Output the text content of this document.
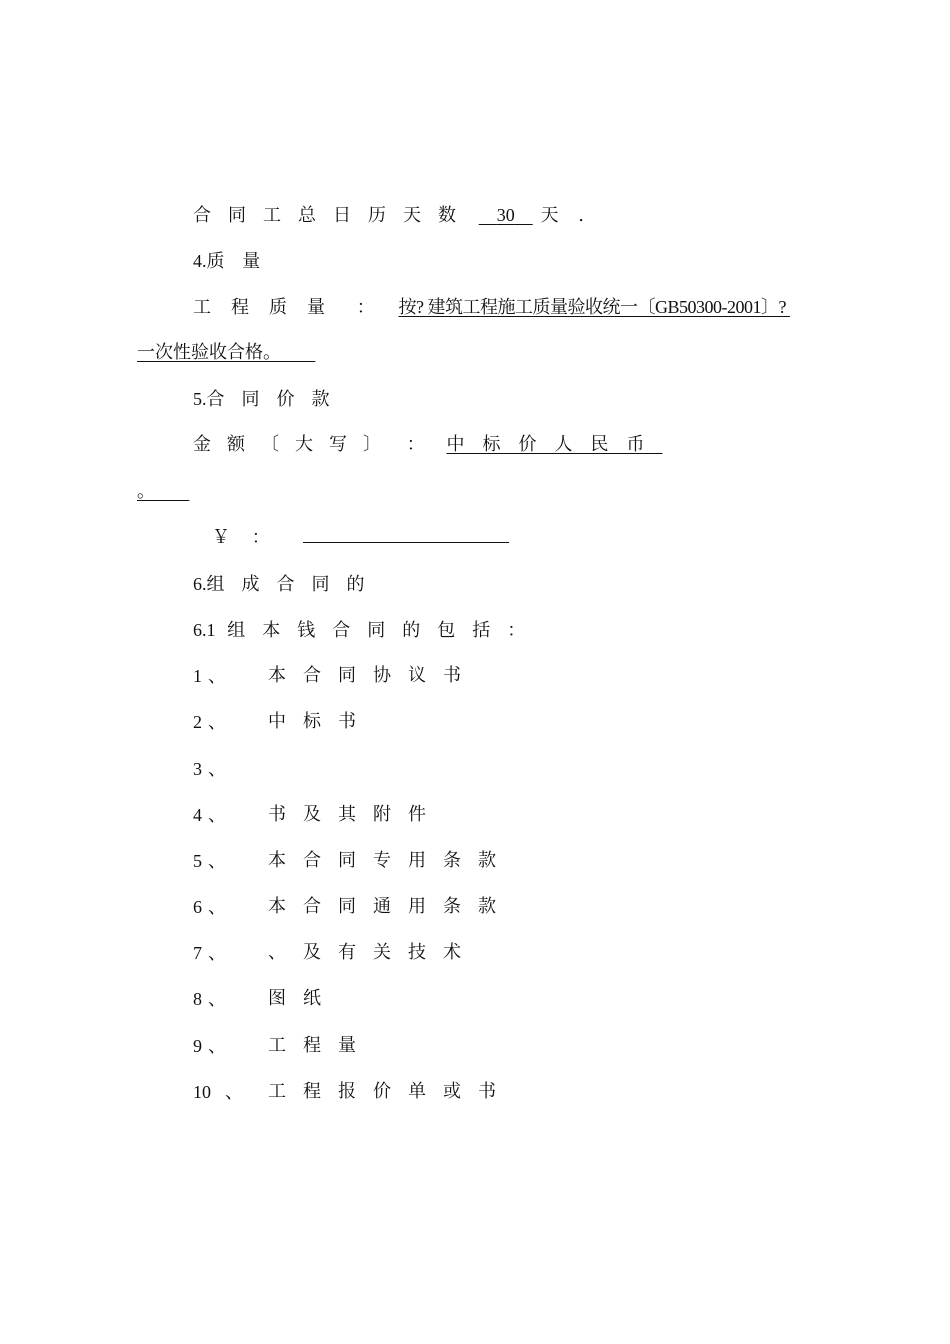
合同工总日历天数 30 天 .
4.质 量
工程质量 ： 按? 建筑工程施工质量验收统一〔GB50300-2001〕?
一次性验收合格。
5.合同价款
金额〔大写〕 ： 中标价人民币
。
￥ ：
6.组成合同的
6.1 组本钱合同的包括：
1 、 本合同协议书
2 、 中标书
3 、
4 、 书及其附件
5 、 本合同专用条款
6 、 本合同通用条款
7 、 、及有关技术
8 、 图纸
9 、 工程量
10 、 工程报价单或书
